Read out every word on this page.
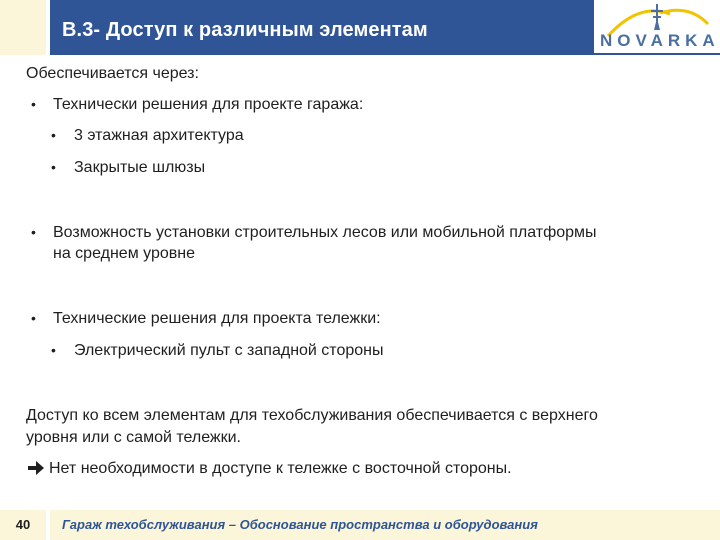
B.3- Доступ к различным элементам	NOVARKA
Обеспечивается через:
• Технически решения для проекте гаража:
• 3 этажная архитектура
• Закрытые шлюзы
• Возможность установки строительных лесов или мобильной платформы
на среднем уровне
• Технические решения для проекта тележки:
• Электрический пульт с западной стороны
Доступ ко всем элементам для техобслуживания обеспечивается с верхнего
уровня или с самой тележки.
Нет необходимости в доступе к тележке с восточной стороны.
40	Гараж техобслуживания – Обоснование пространства и оборудования
